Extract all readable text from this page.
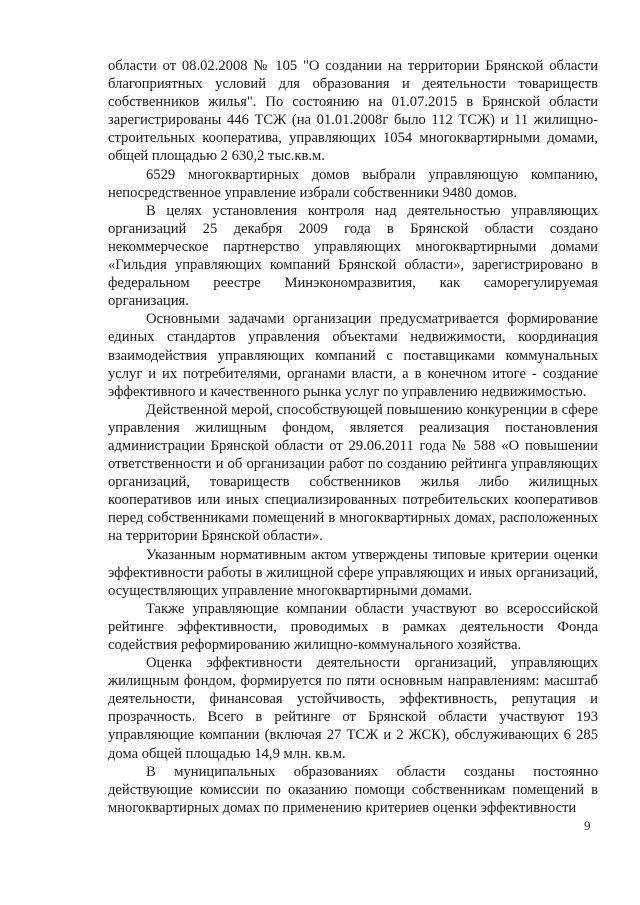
области от 08.02.2008 № 105 "О создании на территории Брянской области благоприятных условий для образования и деятельности товариществ собственников жилья". По состоянию на 01.07.2015 в Брянской области зарегистрированы 446 ТСЖ (на 01.01.2008г было 112 ТСЖ) и 11 жилищно-строительных кооператива, управляющих 1054 многоквартирными домами, общей площадью 2 630,2 тыс.кв.м.

6529 многоквартирных домов выбрали управляющую компанию, непосредственное управление избрали собственники 9480 домов.

В целях установления контроля над деятельностью управляющих организаций 25 декабря 2009 года в Брянской области создано некоммерческое партнерство управляющих многоквартирными домами «Гильдия управляющих компаний Брянской области», зарегистрировано в федеральном реестре Минэкономразвития, как саморегулируемая организация.

Основными задачами организации предусматривается формирование единых стандартов управления объектами недвижимости, координация взаимодействия управляющих компаний с поставщиками коммунальных услуг и их потребителями, органами власти, а в конечном итоге - создание эффективного и качественного рынка услуг по управлению недвижимостью.

Действенной мерой, способствующей повышению конкуренции в сфере управления жилищным фондом, является реализация постановления администрации Брянской области от 29.06.2011 года № 588 «О повышении ответственности и об организации работ по созданию рейтинга управляющих организаций, товариществ собственников жилья либо жилищных кооперативов или иных специализированных потребительских кооперативов перед собственниками помещений в многоквартирных домах, расположенных на территории Брянской области».

Указанным нормативным актом утверждены типовые критерии оценки эффективности работы в жилищной сфере управляющих и иных организаций, осуществляющих управление многоквартирными домами.

Также управляющие компании области участвуют во всероссийской рейтинге эффективности, проводимых в рамках деятельности Фонда содействия реформированию жилищно-коммунального хозяйства.

Оценка эффективности деятельности организаций, управляющих жилищным фондом, формируется по пяти основным направлениям: масштаб деятельности, финансовая устойчивость, эффективность, репутация и прозрачность. Всего в рейтинге от Брянской области участвуют 193 управляющие компании (включая 27 ТСЖ и 2 ЖСК), обслуживающих 6 285 дома общей площадью 14,9 млн. кв.м.

В муниципальных образованиях области созданы постоянно действующие комиссии по оказанию помощи собственникам помещений в многоквартирных домах по применению критериев оценки эффективности

9
